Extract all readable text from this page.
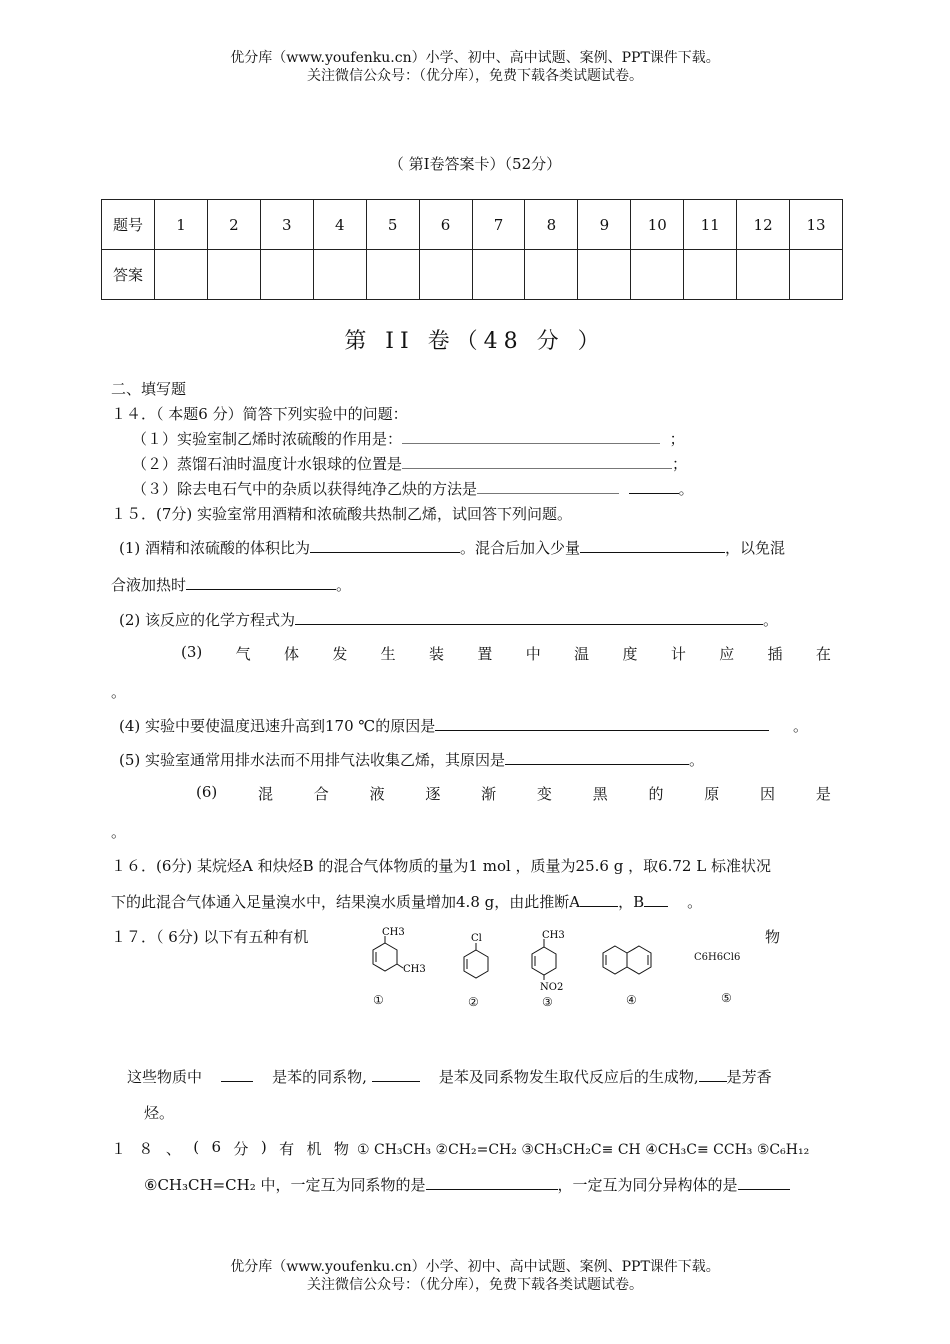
优分库（www.youfenku.cn）小学、初中、高中试题、案例、PPT课件下载。
关注微信公众号：（优分库），免费下载各类试题试卷。
（ 第Ⅰ卷答案卡）（52分）
题号	1	2	3	4	5	6	7	8	9	10	11	12	13
答案													
第 II 卷（48 分 ）
二、填写题
１４．（ 本题6 分）简答下列实验中的问题：
（１）实验室制乙烯时浓硫酸的作用是：	；
（２）蒸馏石油时温度计水银球的位置是	；
（３）除去电石气中的杂质以获得纯净乙炔的方法是	。
１５．(7分) 实验室常用酒精和浓硫酸共热制乙烯，试回答下列问题。
(1) 酒精和浓硫酸的体积比为	。混合后加入少量	，以免混
合液加热时	。
(2) 该反应的化学方程式为	。
(3) 气 体 发 生 装 置 中 温 度 计 应 插 在
。
(4) 实验中要使温度迅速升高到170 ℃的原因是	。
(5) 实验室通常用排水法而不用排气法收集乙烯，其原因是	。
(6)	混	合	液	逐	渐	变	黑	的	原	因	是
。
１６．(6分) 某烷烃A 和炔烃B 的混合气体物质的量为1 mol ，质量为25.6 g ，取6.72 L 标准状况
下的此混合气体通入足量溴水中，结果溴水质量增加4.8 g，由此推断A	，B	。
１７．（ 6分) 以下有五种有机	物
CH3
CH3
①
Cl
②
CH3
NO2
③	④
C6H6Cl6
⑤
这些物质中	是苯的同系物,	是苯及同系物发生取代反应后的生成物, 是芳香
烃。
１ ８ 、 ( 6 分 ) 有 机 物 ① CH₃CH₃ ②CH₂=CH₂ ③CH₃CH₂C≡ CH ④CH₃C≡ CCH₃ ⑤C₆H₁₂
⑥CH₃CH=CH₂ 中，一定互为同系物的是	，一定互为同分异构体的是
优分库（www.youfenku.cn）小学、初中、高中试题、案例、PPT课件下载。
关注微信公众号：（优分库），免费下载各类试题试卷。
